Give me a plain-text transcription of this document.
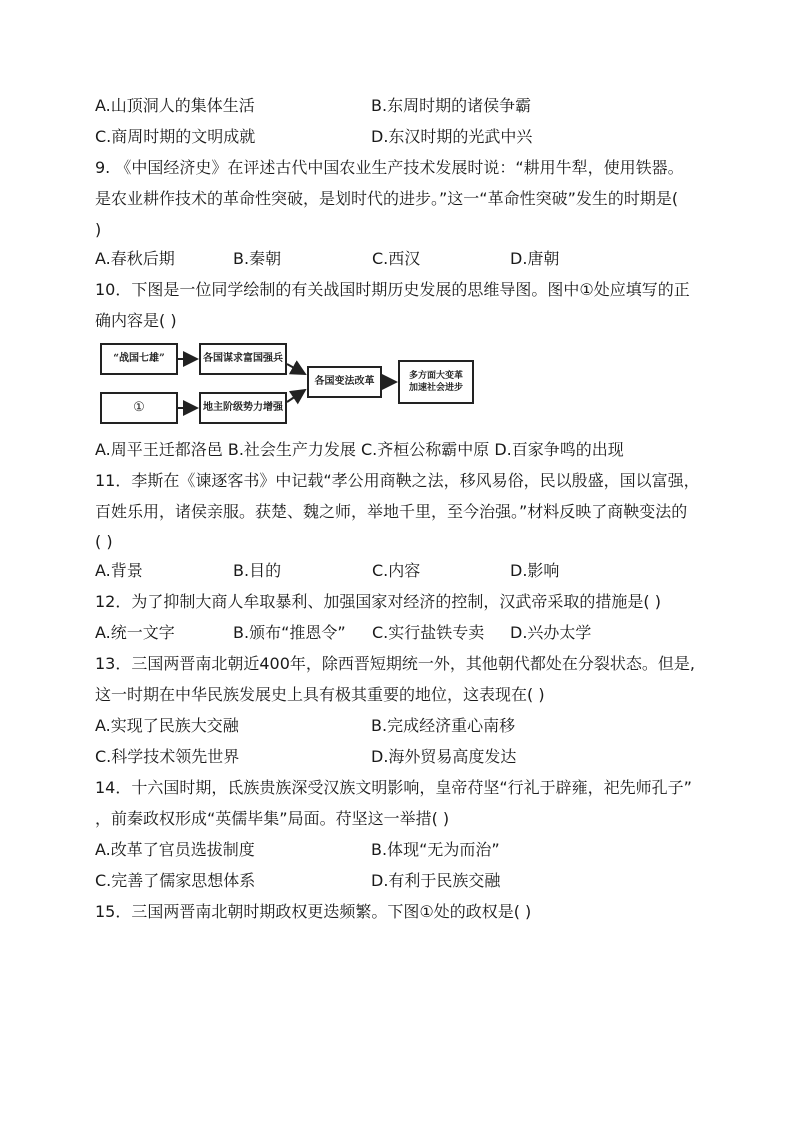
A.山顶洞人的集体生活	B.东周时期的诸侯争霸
C.商周时期的文明成就	D.东汉时期的光武中兴
9. 《中国经济史》在评述古代中国农业生产技术发展时说：“耕用牛犁，使用铁器。
是农业耕作技术的革命性突破，是划时代的进步。”这一“革命性突破”发生的时期是(
)
A.春秋后期	B.秦朝	C.西汉	D.唐朝
10．下图是一位同学绘制的有关战国时期历史发展的思维导图。图中①处应填写的正
确内容是( )
“战国七雄”
①
各国谋求富国强兵
地主阶级势力增强
各国变法改革	多方面大变革
加速社会进步
A.周平王迁都洛邑 B.社会生产力发展 C.齐桓公称霸中原 D.百家争鸣的出现
11．李斯在《谏逐客书》中记载“孝公用商鞅之法，移风易俗，民以殷盛，国以富强，
百姓乐用，诸侯亲服。获楚、魏之师，举地千里，至今治强。”材料反映了商鞅变法的
( )
A.背景	B.目的	C.内容	D.影响
12．为了抑制大商人牟取暴利、加强国家对经济的控制，汉武帝采取的措施是( )
A.统一文字	B.颁布“推恩令” C.实行盐铁专卖 D.兴办太学
13．三国两晋南北朝近400年，除西晋短期统一外，其他朝代都处在分裂状态。但是,
这一时期在中华民族发展史上具有极其重要的地位，这表现在( )
A.实现了民族大交融	B.完成经济重心南移
C.科学技术领先世界	D.海外贸易高度发达
14．十六国时期，氐族贵族深受汉族文明影响，皇帝苻坚“行礼于辟雍，祀先师孔子”
，前秦政权形成“英儒毕集”局面。苻坚这一举措( )
A.改革了官员选拔制度	B.体现“无为而治”
C.完善了儒家思想体系	D.有利于民族交融
15．三国两晋南北朝时期政权更迭频繁。下图①处的政权是( )
